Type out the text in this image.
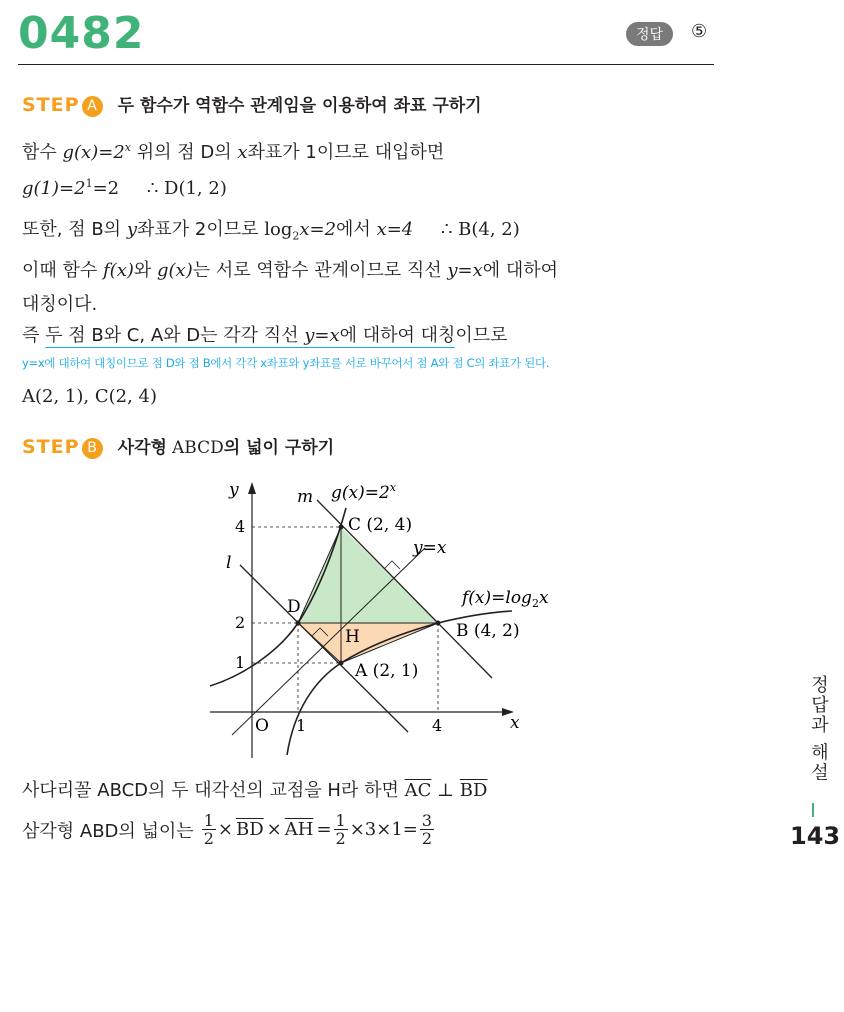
0482	정답	⑤
STEP A 두 함수가 역함수 관계임을 이용하여 좌표 구하기
함수 $g(x)=2^x$ 위의 점 D의 x좌표가 1이므로 대입하면
$g(1)=2^1=2$ ∴ D(1, 2)
또한, 점 B의 y좌표가 2이므로 $\log_2x=2$에서 x=4 ∴ B(4, 2)
이때 함수 f(x)와 g(x)는 서로 역함수 관계이므로 직선 y=x에 대하여
대칭이다.
즉 두 점 B와 C, A와 D는 각각 직선 y=x에 대하여 대칭이므로
y=x에 대하여 대칭이므로 점 D와 점 B에서 각각 x좌표와 y좌표를 서로 바꾸어서 점 A와 점 C의 좌표가 된다.
A(2, 1), C(2, 4)
STEP B 사각형 ABCD의 넓이 구하기
y
x
m
l
$g(x)=2^x$
$f(x)=\log_2x$
y=x
C (2, 4)
B (4, 2)
A (2, 1)
D
H
O 1	4
1
2
4
사다리꼴 ABCD의 두 대각선의 교점을 H라 하면 $\overline{AC}$ ⊥ $\overline{BD}$
삼각형 ABD의 넓이는 $\frac{1}{2} \times \overline{BD} \times \overline{AH} = \frac{1}{2} \times 3\times 1= \frac{3}{2}$
정답과 해설
143
